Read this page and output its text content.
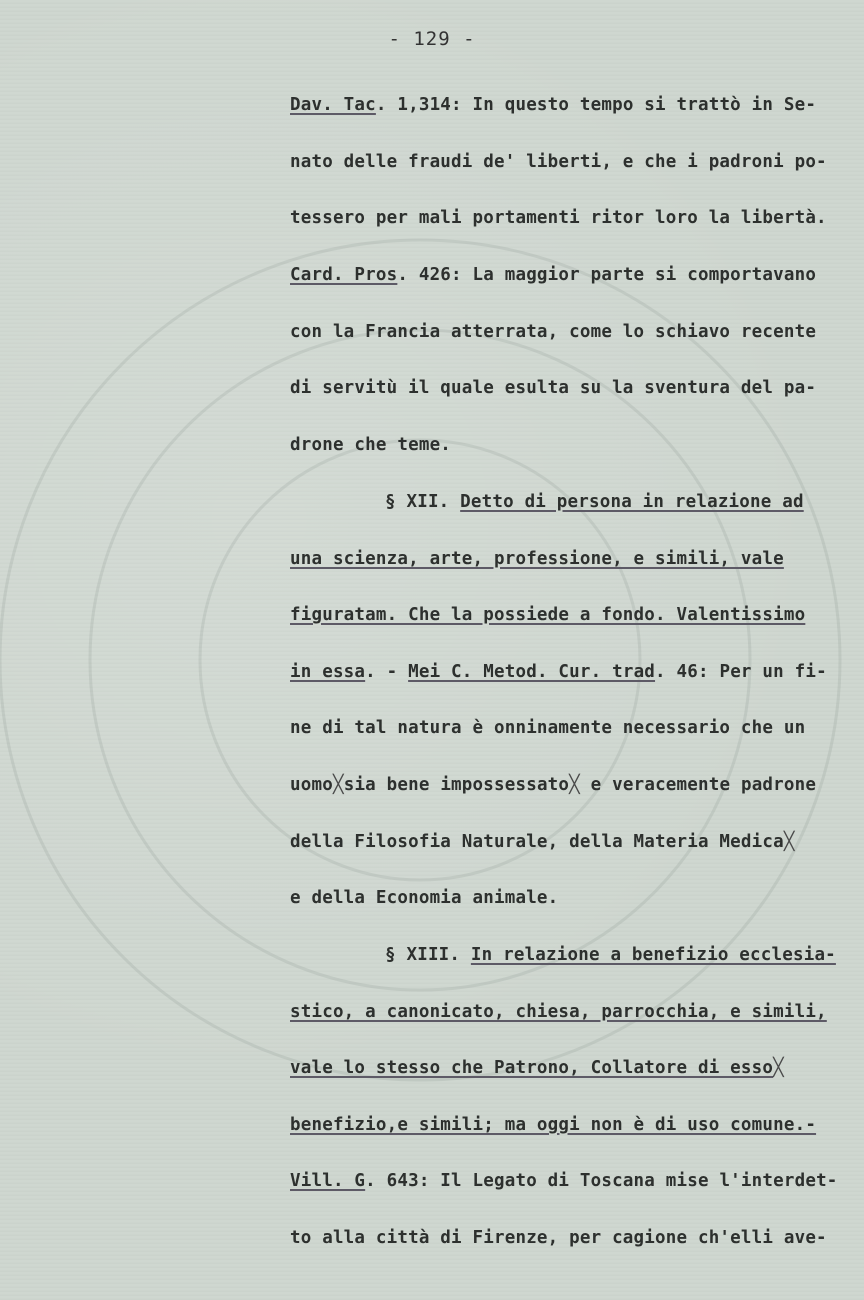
- 129 -
Dav. Tac. 1,314: In questo tempo si trattò in Se-
nato delle fraudi de' liberti, e che i padroni po-
tessero per mali portamenti ritor loro la libertà.
Card. Pros. 426: La maggior parte si comportavano
con la Francia atterrata, come lo schiavo recente
di servitù il quale esulta su la sventura del pa-
drone che teme.
§ XII. Detto di persona in relazione ad
una scienza, arte, professione, e simili, vale
figuratam. Che la possiede a fondo. Valentissimo
in essa. - Mei C. Metod. Cur. trad. 46: Per un fi-
ne di tal natura è onninamente necessario che un
uomo╳sia bene impossessato╳ e veracemente padrone
della Filosofia Naturale, della Materia Medica╳
e della Economia animale.
§ XIII. In relazione a benefizio ecclesia-
stico, a canonicato, chiesa, parrocchia, e simili,
vale lo stesso che Patrono, Collatore di esso╳
benefizio,e simili; ma oggi non è di uso comune.-
Vill. G. 643: Il Legato di Toscana mise l'interdet-
to alla città di Firenze, per cagione ch'elli ave-
